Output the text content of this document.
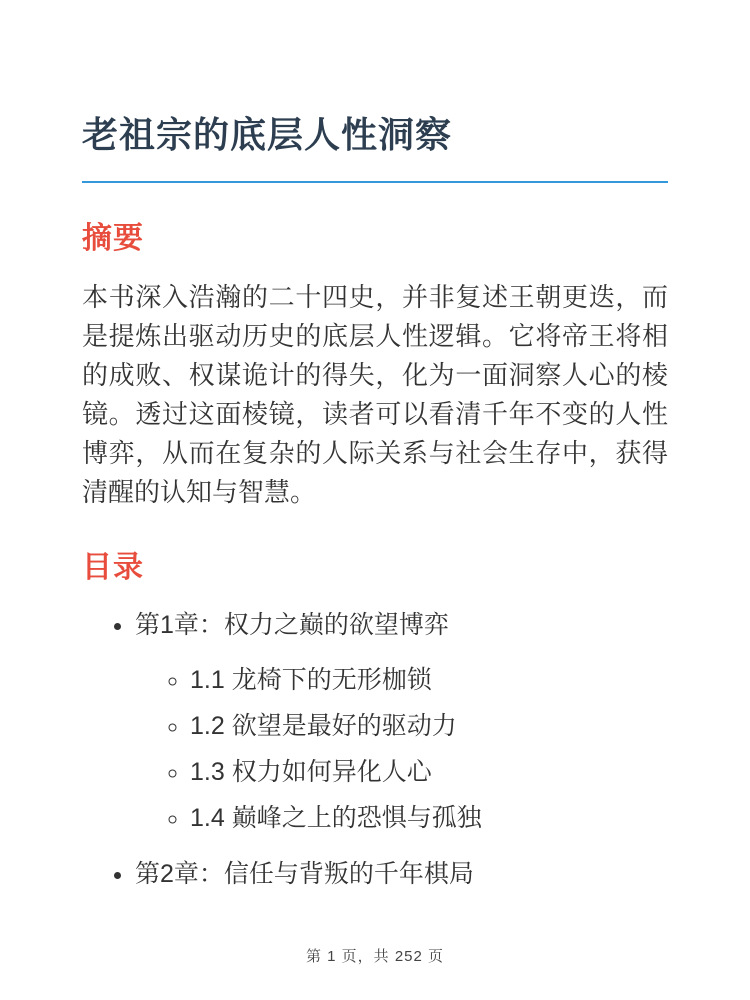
老祖宗的底层人性洞察
摘要

本书深入浩瀚的二十四史，并非复述王朝更迭，而是提炼出驱动历史的底层人性逻辑。它将帝王将相的成败、权谋诡计的得失，化为一面洞察人心的棱镜。透过这面棱镜，读者可以看清千年不变的人性博弈，从而在复杂的人际关系与社会生存中，获得清醒的认知与智慧。

目录
• 第1章：权力之巅的欲望博弈
◦ 1.1 龙椅下的无形枷锁
◦ 1.2 欲望是最好的驱动力
◦ 1.3 权力如何异化人心
◦ 1.4 巅峰之上的恐惧与孤独
• 第2章：信任与背叛的千年棋局
第 1 页，共 252 页
